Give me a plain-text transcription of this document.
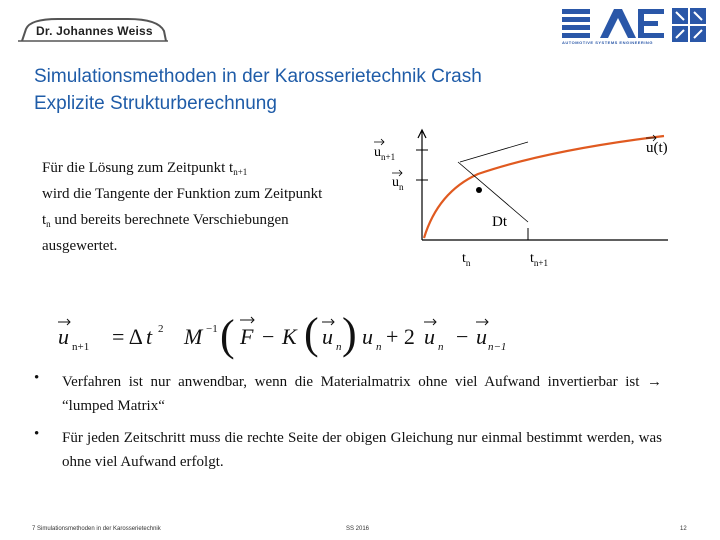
Dr. Johannes Weiss
AUTOMOTIVE SYSTEMS ENGINEERING
Simulationsmethoden in der Karosserietechnik Crash
Explizite Strukturberechnung
Für die Lösung zum Zeitpunkt $t_{n+1}$
wird die Tangente der Funktion zum Zeitpunkt
$t_n$ und bereits berechnete Verschiebungen
ausgewertet.
$u_{n+1}$
$u_n$
u(t)
Dt
$t_n$	$t_{n+1}$
u = Δ t M F − K u u + 2 u − u
n+1
2	−1
n	n	n	n−1
( ( )
• Verfahren ist nur anwendbar, wenn die Materialmatrix ohne viel Aufwand invertierbar ist → “lumped Matrix“
• Für jeden Zeitschritt muss die rechte Seite der obigen Gleichung nur einmal bestimmt werden, was ohne viel Aufwand erfolgt.
7 Simulationsmethoden in der Karosserietechnik	SS 2016	12
